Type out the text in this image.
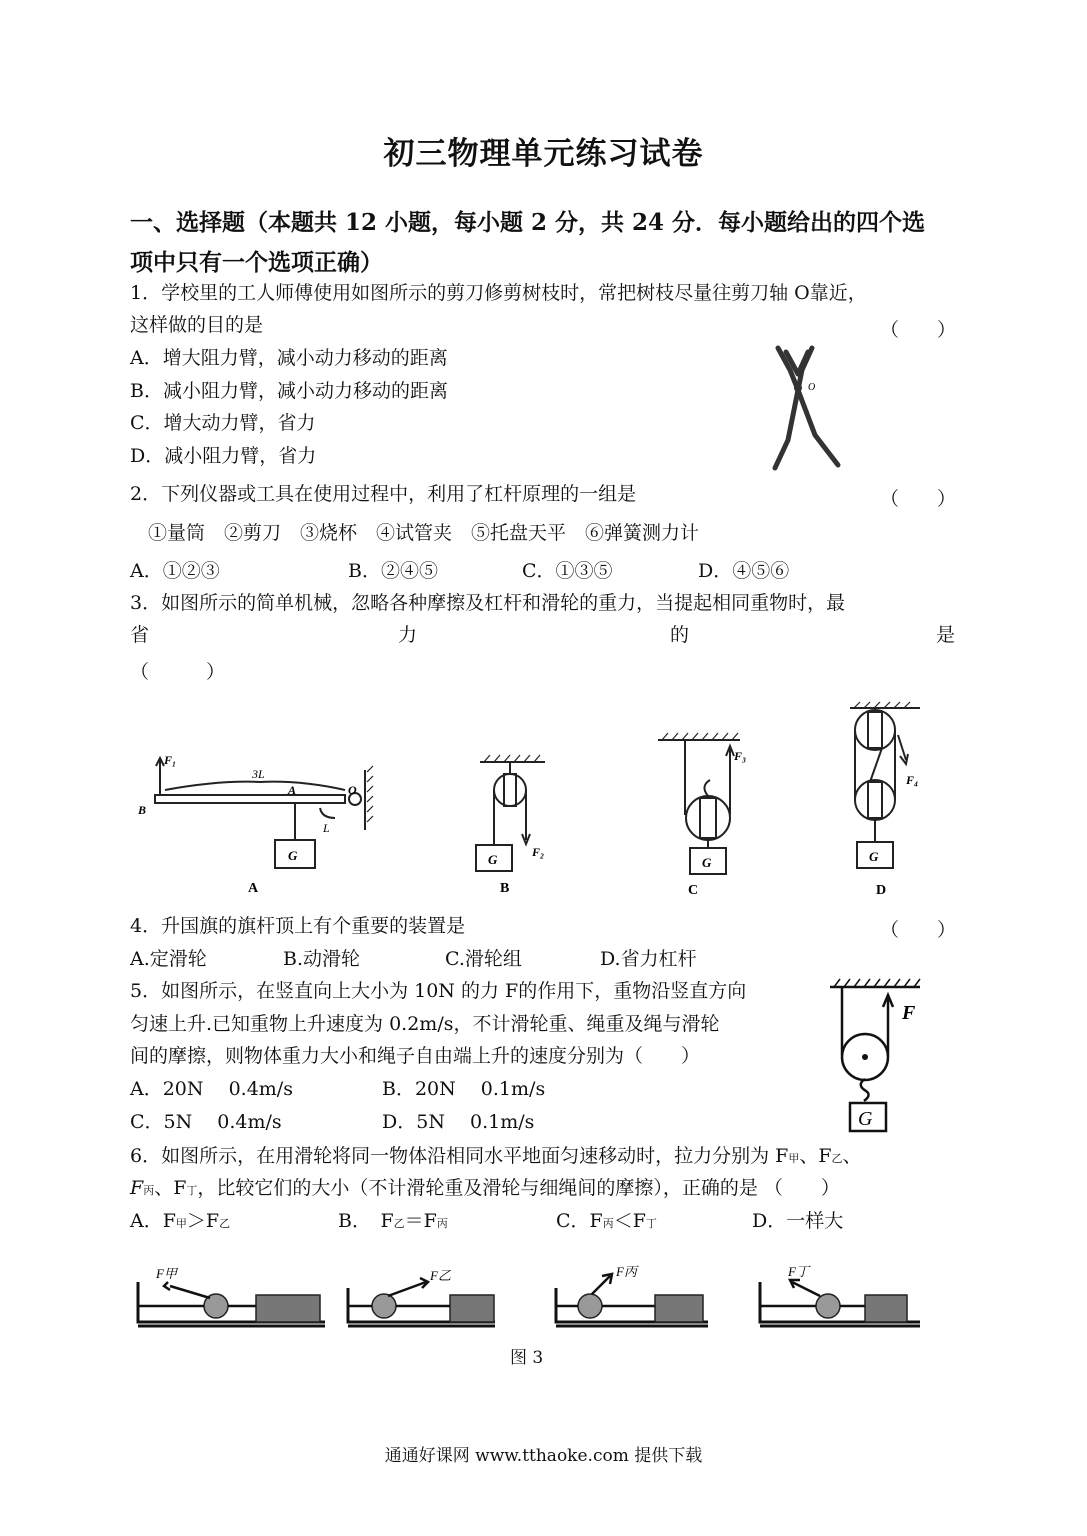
初三物理单元练习试卷
一、选择题（本题共 12 小题，每小题 2 分，共 24 分．每小题给出的四个选
项中只有一个选项正确）
1．学校里的工人师傅使用如图所示的剪刀修剪树枝时，常把树枝尽量往剪刀轴 O靠近，
这样做的目的是	（　　）
A．增大阻力臂，减小动力移动的距离
B．减小阻力臂，减小动力移动的距离
C．增大动力臂，省力
D．减小阻力臂，省力
O
2．下列仪器或工具在使用过程中，利用了杠杆原理的一组是	（　　）
①量筒　②剪刀　③烧杯　④试管夹　⑤托盘天平　⑥弹簧测力计
A．①②③	B．②④⑤	C．①③⑤	D．④⑤⑥
3．如图所示的简单机械，忽略各种摩擦及杠杆和滑轮的重力，当提起相同重物时，最
省	力	的	是
（　　　）
F₁
B
3L
A	O
L
G
A
F₂
G
B
F₃
G
C
F₄
G
D
4．升国旗的旗杆顶上有个重要的装置是	（　　）
A.定滑轮	B.动滑轮	C.滑轮组	D.省力杠杆
5．如图所示，在竖直向上大小为 10N 的力 F的作用下，重物沿竖直方向
匀速上升.已知重物上升速度为 0.2m/s，不计滑轮重、绳重及绳与滑轮
间的摩擦，则物体重力大小和绳子自由端上升的速度分别为（　　）
A．20N　 0.4m/s	B．20N　 0.1m/s
C．5N　 0.4m/s	D．5N　 0.1m/s
F
G
6．如图所示，在用滑轮将同一物体沿相同水平地面匀速移动时，拉力分别为 F甲、F乙、
F丙、F丁，比较它们的大小（不计滑轮重及滑轮与细绳间的摩擦），正确的是 （　　）
A．F甲＞F乙	B．　F乙＝F丙	C．F丙＜F丁	D．一样大
F甲	F乙	F丙	F丁
图 3
通通好课网 www.tthaoke.com 提供下载
